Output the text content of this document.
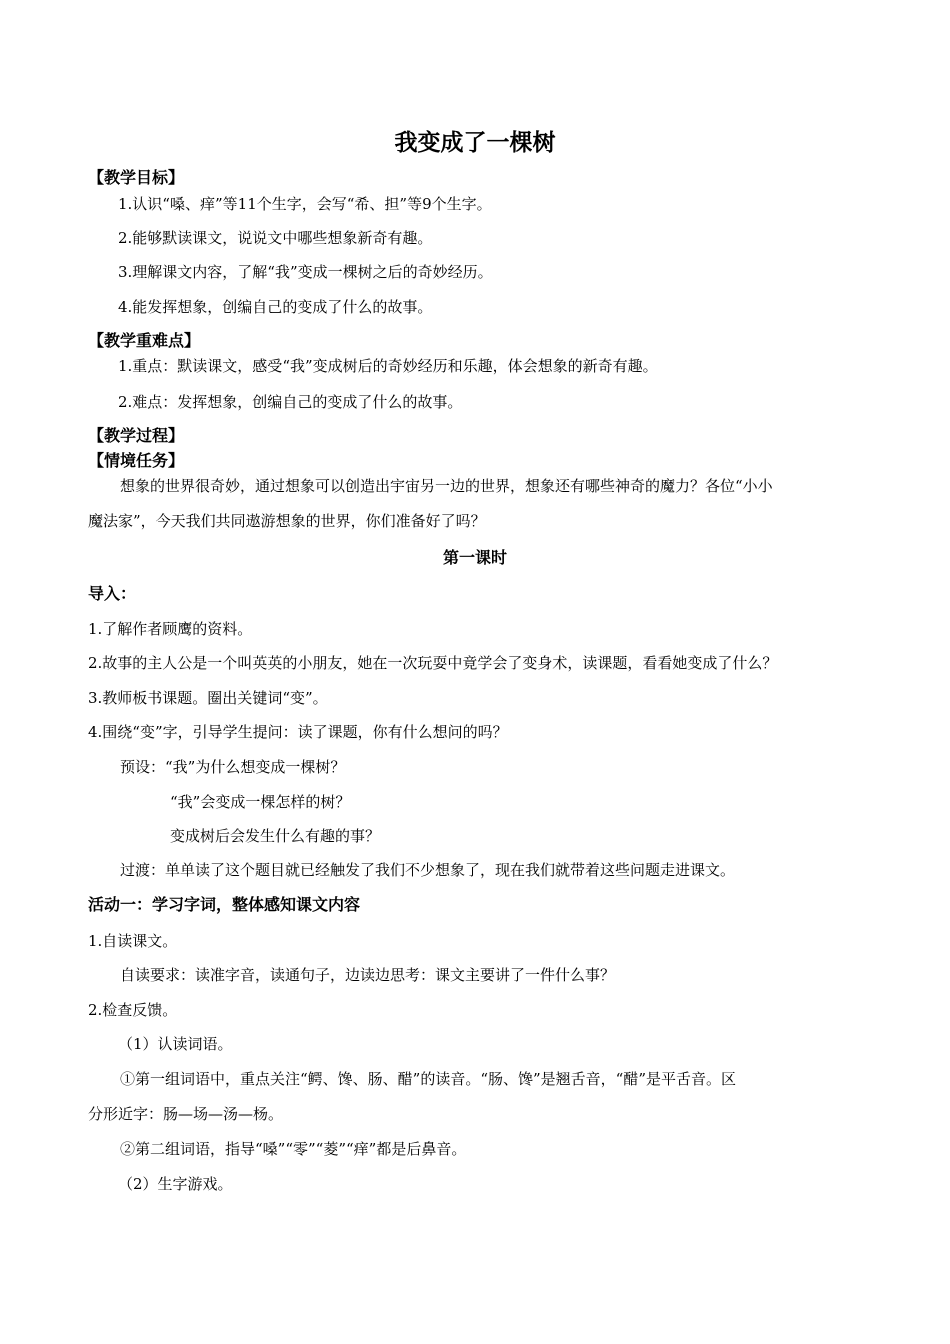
我变成了一棵树
【教学目标】
1.认识“嗓、痒”等11个生字，会写“希、担”等9个生字。
2.能够默读课文，说说文中哪些想象新奇有趣。
3.理解课文内容，了解“我”变成一棵树之后的奇妙经历。
4.能发挥想象，创编自己的变成了什么的故事。
【教学重难点】
1.重点：默读课文，感受“我”变成树后的奇妙经历和乐趣，体会想象的新奇有趣。
2.难点：发挥想象，创编自己的变成了什么的故事。
【教学过程】
【情境任务】
想象的世界很奇妙，通过想象可以创造出宇宙另一边的世界，想象还有哪些神奇的魔力？各位“小小
魔法家”，今天我们共同遨游想象的世界，你们准备好了吗？
第一课时
导入：
1.了解作者顾鹰的资料。
2.故事的主人公是一个叫英英的小朋友，她在一次玩耍中竟学会了变身术，读课题，看看她变成了什么？
3.教师板书课题。圈出关键词“变”。
4.围绕“变”字，引导学生提问：读了课题，你有什么想问的吗？
预设：“我”为什么想变成一棵树？
“我”会变成一棵怎样的树？
变成树后会发生什么有趣的事？
过渡：单单读了这个题目就已经触发了我们不少想象了，现在我们就带着这些问题走进课文。
活动一：学习字词，整体感知课文内容
1.自读课文。
自读要求：读准字音，读通句子，边读边思考：课文主要讲了一件什么事？
2.检查反馈。
（1）认读词语。
①第一组词语中，重点关注“鳄、馋、肠、醋”的读音。“肠、馋”是翘舌音，“醋”是平舌音。区
分形近字：肠—场—汤—杨。
②第二组词语，指导“嗓”“零”“菱”“痒”都是后鼻音。
（2）生字游戏。
